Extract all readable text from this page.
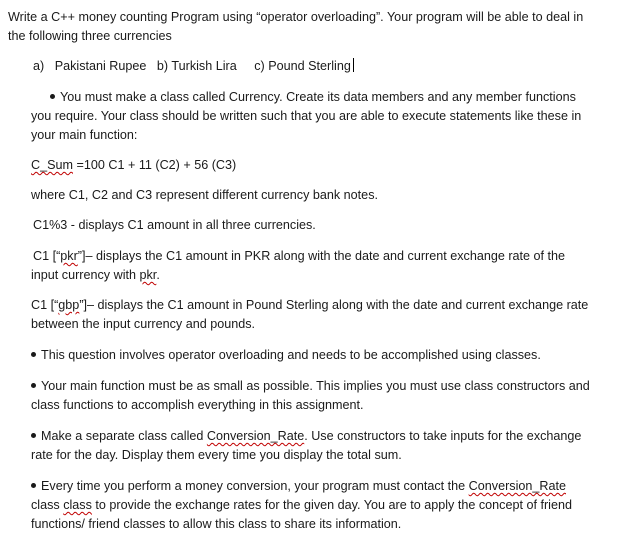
Write a C++ money counting Program using “operator overloading”. Your program will be able to deal in

the following three currencies

a) Pakistani Rupee b) Turkish Lira c) Pound Sterling
You must make a class called Currency. Create its data members and any member functions

you require. Your class should be written such that you are able to execute statements like these in

your main function:

C_Sum =100 C1 + 11 (C2) + 56 (C3)

where C1, C2 and C3 represent different currency bank notes.

C1%3 - displays C1 amount in all three currencies.

C1 [“pkr”]– displays the C1 amount in PKR along with the date and current exchange rate of the
input currency with pkr.
C1 [“gbp”]– displays the C1 amount in Pound Sterling along with the date and current exchange rate

between the input currency and pounds.

This question involves operator overloading and needs to be accomplished using classes.
Your main function must be as small as possible. This implies you must use class constructors and

class functions to accomplish everything in this assignment.

Make a separate class called Conversion_Rate. Use constructors to take inputs for the exchange

rate for the day. Display them every time you display the total sum.

Every time you perform a money conversion, your program must contact the Conversion_Rate
class class to provide the exchange rates for the given day. You are to apply the concept of friend

functions/ friend classes to allow this class to share its information.
